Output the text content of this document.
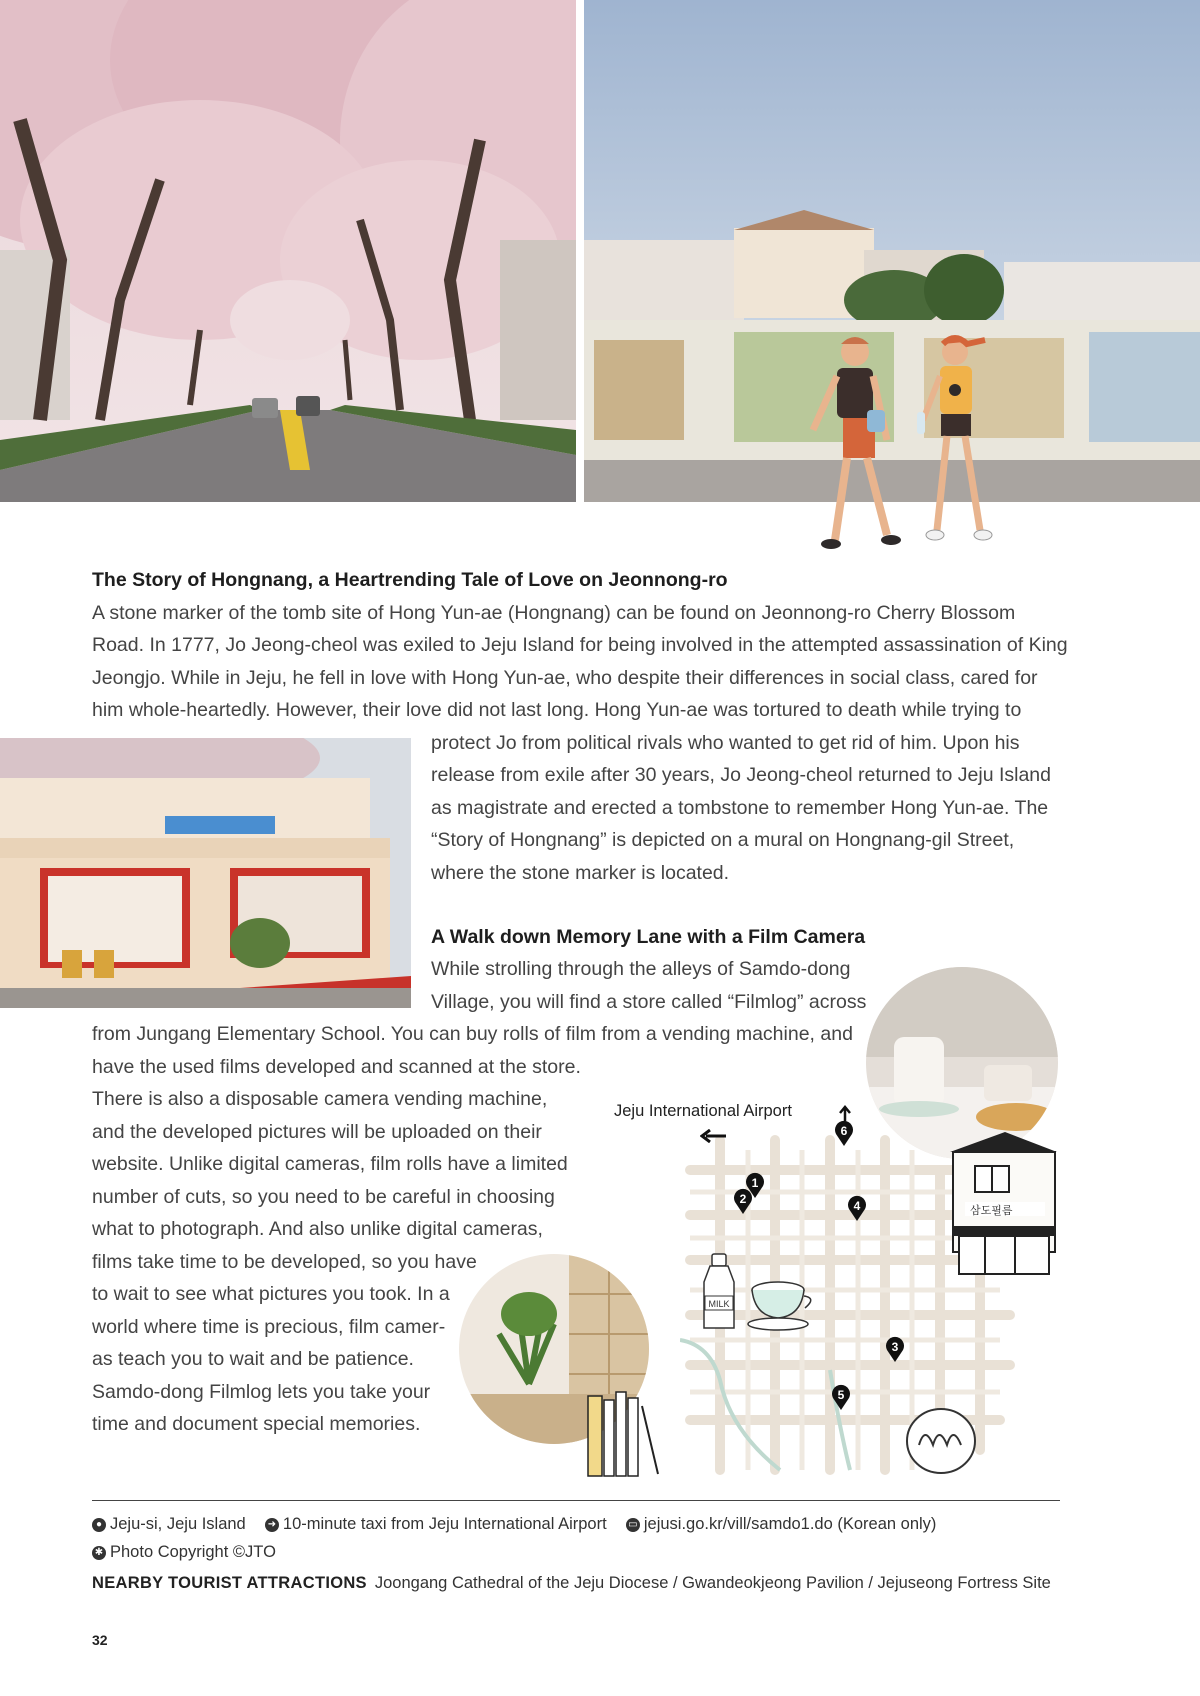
The Story of Hongnang, a Heartrending Tale of Love on Jeonnong-ro
A stone marker of the tomb site of Hong Yun-ae (Hongnang) can be found on Jeonnong-ro Cherry Blossom
Road. In 1777, Jo Jeong-cheol was exiled to Jeju Island for being involved in the attempted assassination of King
Jeongjo. While in Jeju, he fell in love with Hong Yun-ae, who despite their differences in social class, cared for
him whole-heartedly. However, their love did not last long. Hong Yun-ae was tortured to death while trying to
protect Jo from political rivals who wanted to get rid of him. Upon his
release from exile after 30 years, Jo Jeong-cheol returned to Jeju Island
as magistrate and erected a tombstone to remember Hong Yun-ae. The
“Story of Hongnang” is depicted on a mural on Hongnang-gil Street,
where the stone marker is located.
A Walk down Memory Lane with a Film Camera
While strolling through the alleys of Samdo-dong
Village, you will find a store called “Filmlog” across
from Jungang Elementary School. You can buy rolls of film from a vending machine, and
have the used films developed and scanned at the store.
There is also a disposable camera vending machine,
and the developed pictures will be uploaded on their
website. Unlike digital cameras, film rolls have a limited
number of cuts, so you need to be careful in choosing
what to photograph. And also unlike digital cameras,
films take time to be developed, so you have
to wait to see what pictures you took. In a
world where time is precious, film camer-
as teach you to wait and be patience.
Samdo-dong Filmlog lets you take your
time and document special memories.
Jeju International Airport
1
2
3
4
5
6
삼도필름
MILK
● Jeju-si, Jeju Island ➜ 10-minute taxi from Jeju International Airport ▭ jejusi.go.kr/vill/samdo1.do (Korean only)
✱ Photo Copyright ©JTO
NEARBY TOURIST ATTRACTIONS Joongang Cathedral of the Jeju Diocese / Gwandeokjeong Pavilion / Jejuseong Fortress Site
32
